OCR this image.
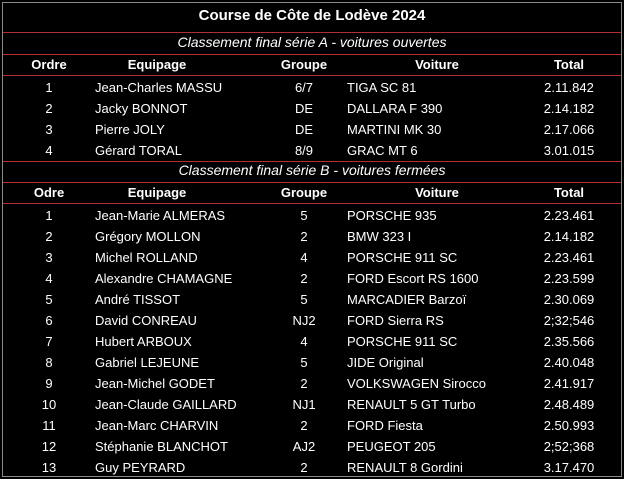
Course de Côte de Lodève 2024
Classement final série A - voitures ouvertes
Ordre	Equipage	Groupe	Voiture	Total
1	Jean-Charles MASSU	6/7	TIGA SC 81	2.11.842
2	Jacky BONNOT	DE	DALLARA F 390	2.14.182
3	Pierre JOLY	DE	MARTINI MK 30	2.17.066
4	Gérard TORAL	8/9	GRAC MT 6	3.01.015
Classement final série B - voitures fermées
Odre	Equipage	Groupe	Voiture	Total
1	Jean-Marie ALMERAS	5	PORSCHE 935	2.23.461
2	Grégory MOLLON	2	BMW 323 I	2.14.182
3	Michel ROLLAND	4	PORSCHE 911 SC	2.23.461
4	Alexandre CHAMAGNE	2	FORD Escort RS 1600	2.23.599
5	André TISSOT	5	MARCADIER Barzoï	2.30.069
6	David CONREAU	NJ2	FORD Sierra RS	2;32;546
7	Hubert ARBOUX	4	PORSCHE 911 SC	2.35.566
8	Gabriel LEJEUNE	5	JIDE Original	2.40.048
9	Jean-Michel GODET	2	VOLKSWAGEN Sirocco	2.41.917
10	Jean-Claude GAILLARD	NJ1	RENAULT 5 GT Turbo	2.48.489
11	Jean-Marc CHARVIN	2	FORD Fiesta	2.50.993
12	Stéphanie BLANCHOT	AJ2	PEUGEOT 205	2;52;368
13	Guy PEYRARD	2	RENAULT 8 Gordini	3.17.470
